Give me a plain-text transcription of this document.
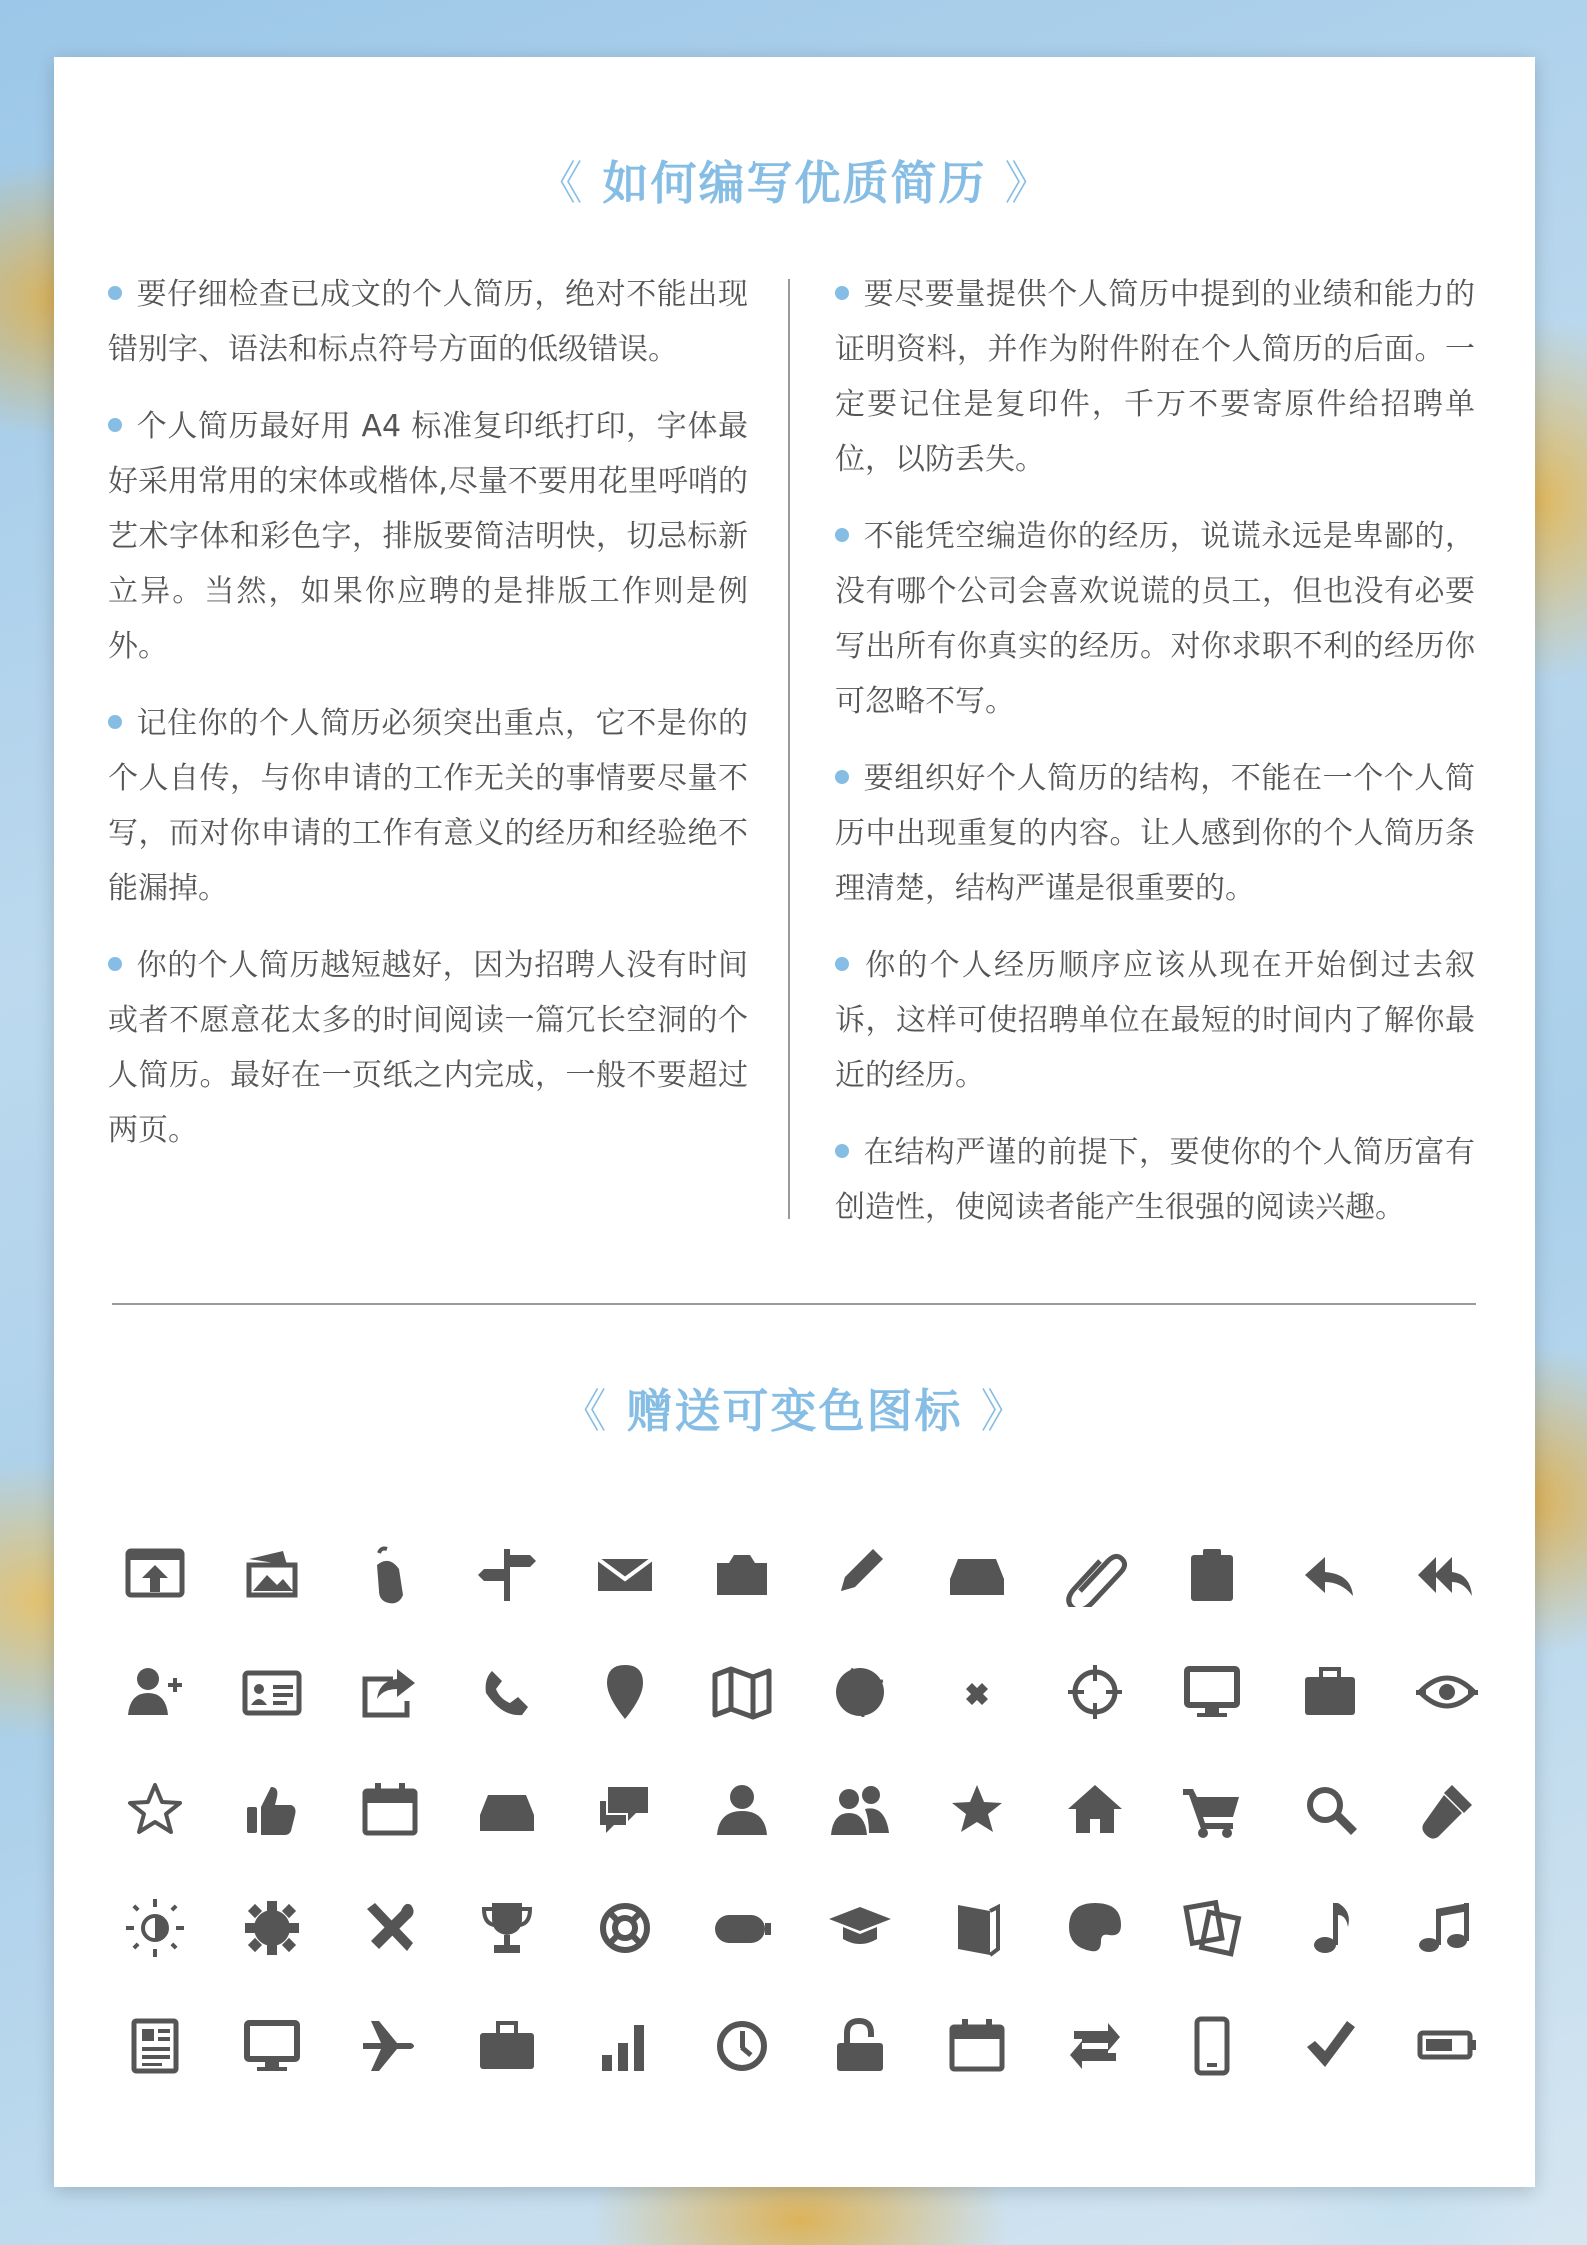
《 如何编写优质简历 》

要仔细检查已成文的个人简历，绝对不能出现错别字、语法和标点符号方面的低级错误。

个人简历最好用 A4 标准复印纸打印，字体最好采用常用的宋体或楷体,尽量不要用花里呼哨的艺术字体和彩色字，排版要简洁明快，切忌标新立异。当然，如果你应聘的是排版工作则是例外。

记住你的个人简历必须突出重点，它不是你的个人自传，与你申请的工作无关的事情要尽量不写，而对你申请的工作有意义的经历和经验绝不能漏掉。

你的个人简历越短越好，因为招聘人没有时间或者不愿意花太多的时间阅读一篇冗长空洞的个人简历。最好在一页纸之内完成，一般不要超过两页。

要尽要量提供个人简历中提到的业绩和能力的证明资料，并作为附件附在个人简历的后面。一定要记住是复印件，千万不要寄原件给招聘单位，以防丢失。

不能凭空编造你的经历，说谎永远是卑鄙的，没有哪个公司会喜欢说谎的员工，但也没有必要写出所有你真实的经历。对你求职不利的经历你可忽略不写。

要组织好个人简历的结构，不能在一个个人简历中出现重复的内容。让人感到你的个人简历条理清楚，结构严谨是很重要的。

你的个人经历顺序应该从现在开始倒过去叙诉，这样可使招聘单位在最短的时间内了解你最近的经历。

在结构严谨的前提下，要使你的个人简历富有创造性，使阅读者能产生很强的阅读兴趣。

《 赠送可变色图标 》
